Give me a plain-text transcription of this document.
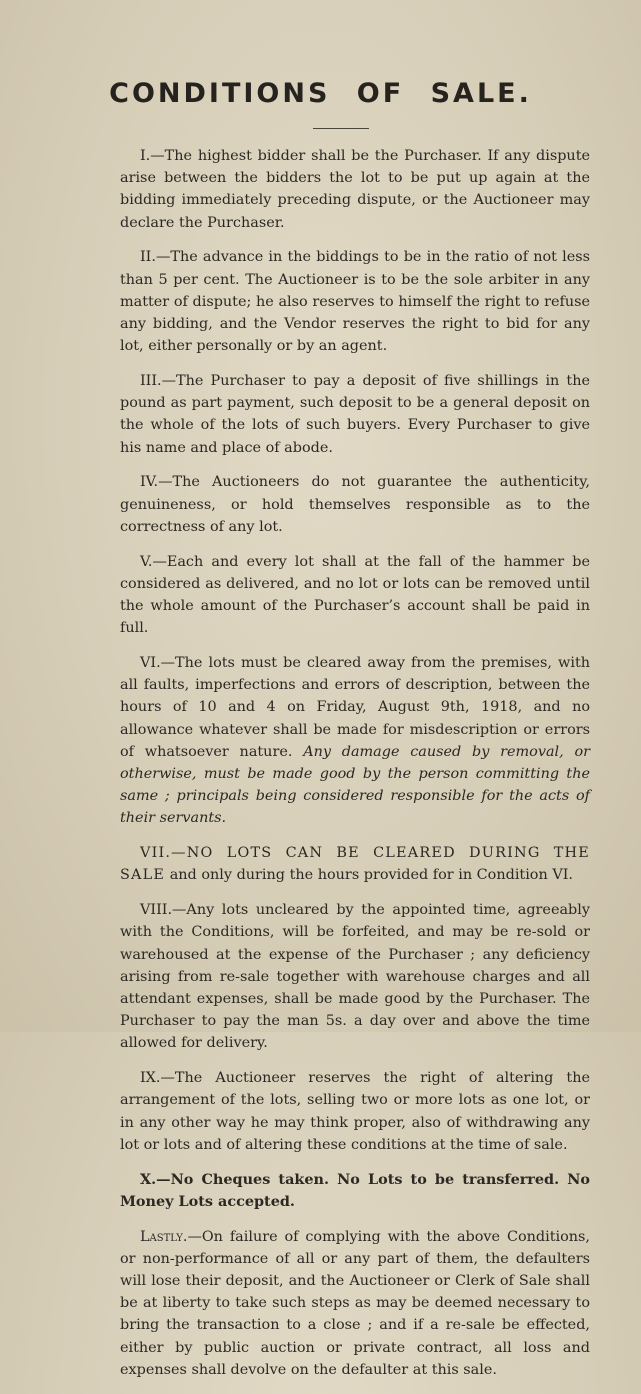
CONDITIONS OF SALE.

I.—The highest bidder shall be the Purchaser. If any dispute arise between the bidders the lot to be put up again at the bidding immediately preceding dispute, or the Auctioneer may declare the Purchaser.

II.—The advance in the biddings to be in the ratio of not less than 5 per cent. The Auctioneer is to be the sole arbiter in any matter of dispute; he also reserves to himself the right to refuse any bidding, and the Vendor reserves the right to bid for any lot, either personally or by an agent.

III.—The Purchaser to pay a deposit of five shillings in the pound as part payment, such deposit to be a general deposit on the whole of the lots of such buyers. Every Purchaser to give his name and place of abode.

IV.—The Auctioneers do not guarantee the authenticity, genuineness, or hold themselves responsible as to the correctness of any lot.

V.—Each and every lot shall at the fall of the hammer be considered as delivered, and no lot or lots can be removed until the whole amount of the Purchaser’s account shall be paid in full.

VI.—The lots must be cleared away from the premises, with all faults, imperfections and errors of description, between the hours of 10 and 4 on Friday, August 9th, 1918, and no allowance whatever shall be made for misdescription or errors of whatsoever nature. Any damage caused by removal, or otherwise, must be made good by the person committing the same ; principals being considered responsible for the acts of their servants.

VII.—NO LOTS CAN BE CLEARED DURING THE SALE and only during the hours provided for in Condition VI.

VIII.—Any lots uncleared by the appointed time, agreeably with the Conditions, will be forfeited, and may be re-sold or warehoused at the expense of the Purchaser ; any deficiency arising from re-sale together with warehouse charges and all attendant expenses, shall be made good by the Purchaser. The Purchaser to pay the man 5s. a day over and above the time allowed for delivery.

IX.—The Auctioneer reserves the right of altering the arrangement of the lots, selling two or more lots as one lot, or in any other way he may think proper, also of withdrawing any lot or lots and of altering these conditions at the time of sale.

X.—No Cheques taken. No Lots to be transferred. No Money Lots accepted.

Lastly.—On failure of complying with the above Conditions, or non-performance of all or any part of them, the defaulters will lose their deposit, and the Auctioneer or Clerk of Sale shall be at liberty to take such steps as may be deemed necessary to bring the transaction to a close ; and if a re-sale be effected, either by public auction or private contract, all loss and expenses shall devolve on the defaulter at this sale.
